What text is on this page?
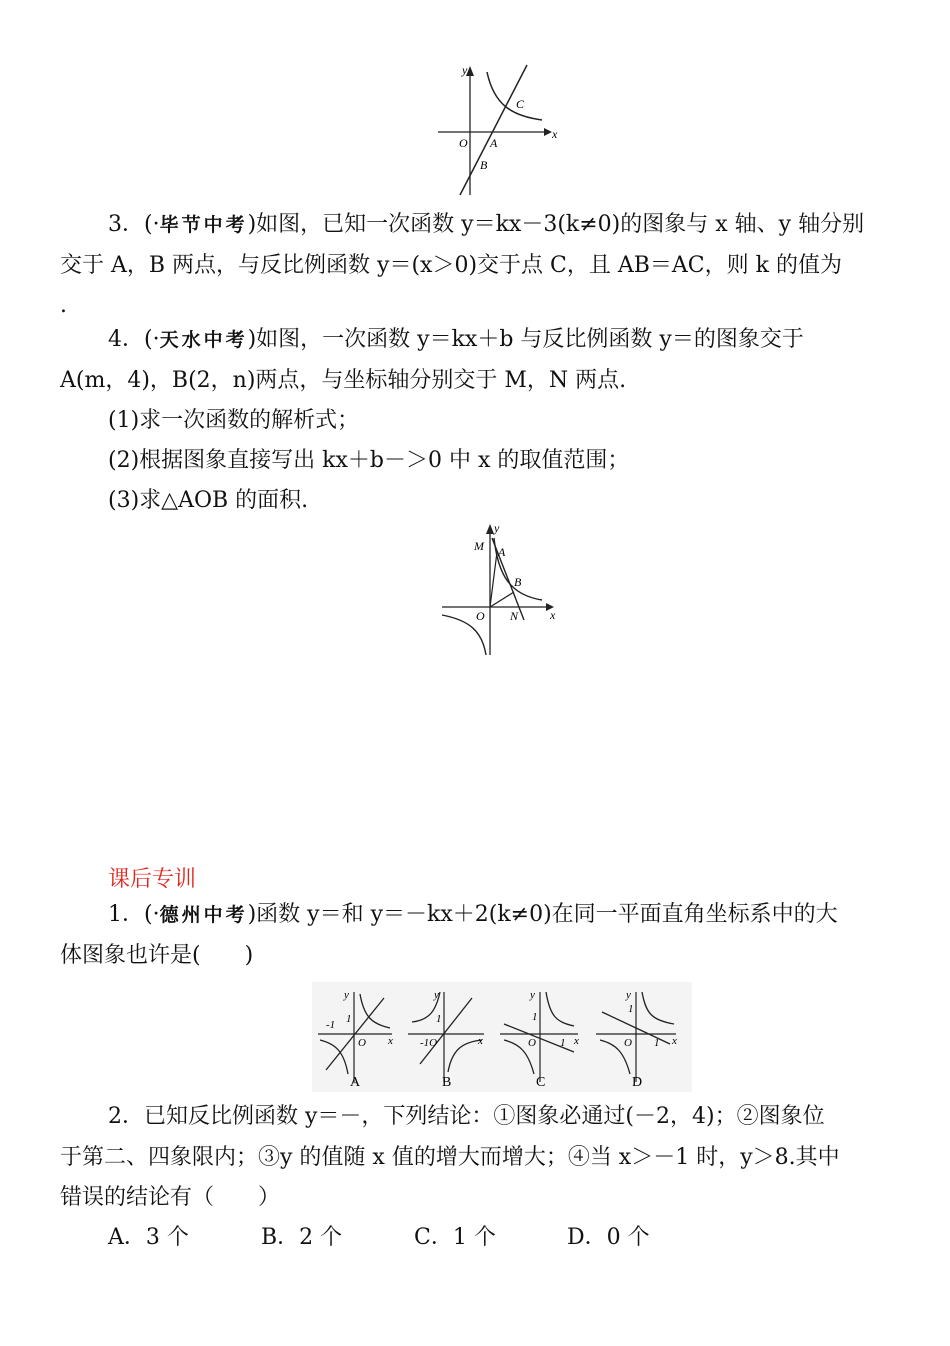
y
x
O A
B
C
3．(·毕节中考)如图，已知一次函数 y＝kx－3(k≠0)的图象与 x 轴、y 轴分别
交于 A，B 两点，与反比例函数 y＝(x＞0)交于点 C，且 AB＝AC，则 k 的值为
.
4．(·天水中考)如图，一次函数 y＝kx＋b 与反比例函数 y＝的图象交于
A(m，4)，B(2，n)两点，与坐标轴分别交于 M，N 两点.
(1)求一次函数的解析式；
(2)根据图象直接写出 kx＋b－＞0 中 x 的取值范围；
(3)求△AOB 的面积.
y
x
O
M A
B
N
课后专训
1．(·德州中考)函数 y＝和 y＝－kx＋2(k≠0)在同一平面直角坐标系中的大
体图象也许是(　　)
y
x
O
1
-1
A
y
x
-1O
1
B
y
x
O 1
1
C
y
x
O 1
1
D
2．已知反比例函数 y＝－，下列结论：①图象必通过(－2，4)；②图象位
于第二、四象限内；③y 的值随 x 值的增大而增大；④当 x＞－1 时，y＞8.其中
错误的结论有（　　）
A．3 个	B．2 个	C．1 个	D．0 个
